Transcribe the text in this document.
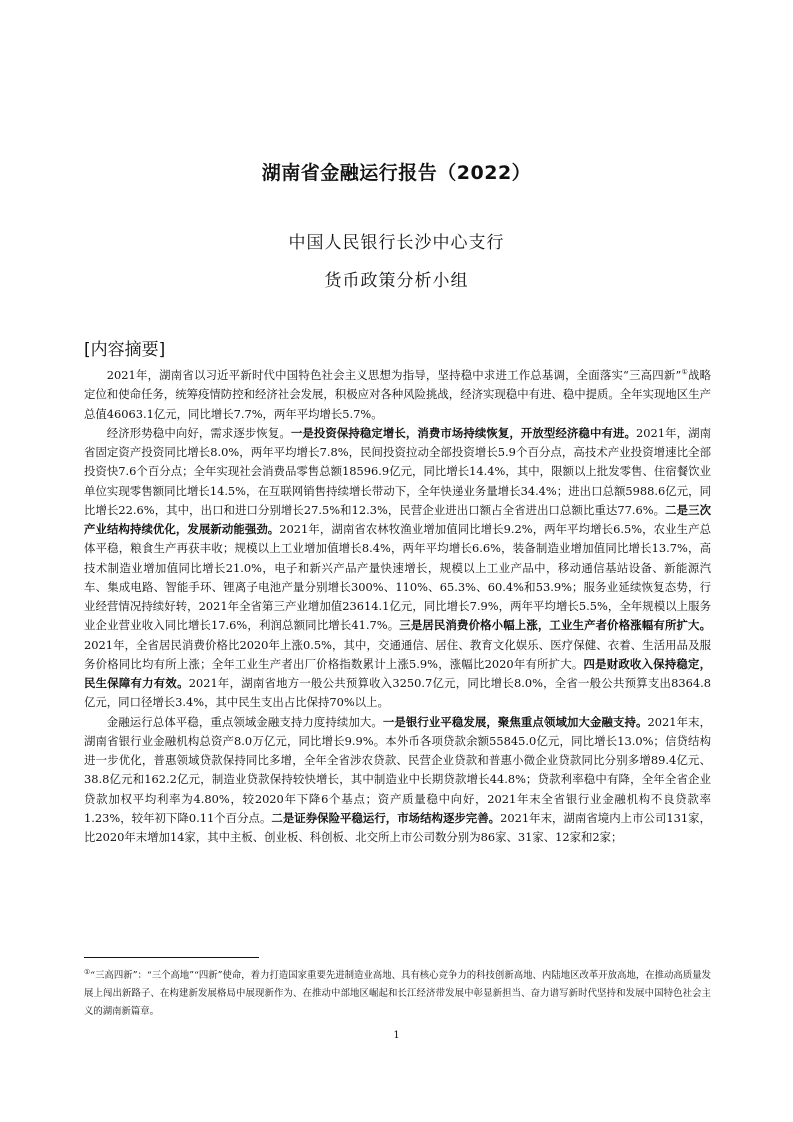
湖南省金融运行报告（2022）
中国人民银行长沙中心支行
货币政策分析小组
[内容摘要]

2021年，湖南省以习近平新时代中国特色社会主义思想为指导，坚持稳中求进工作总基调，全面落实“三高四新”①战略定位和使命任务，统筹疫情防控和经济社会发展，积极应对各种风险挑战，经济实现稳中有进、稳中提质。全年实现地区生产总值46063.1亿元，同比增长7.7%，两年平均增长5.7%。

经济形势稳中向好，需求逐步恢复。一是投资保持稳定增长，消费市场持续恢复，开放型经济稳中有进。2021年，湖南省固定资产投资同比增长8.0%，两年平均增长7.8%，民间投资拉动全部投资增长5.9个百分点，高技术产业投资增速比全部投资快7.6个百分点；全年实现社会消费品零售总额18596.9亿元，同比增长14.4%，其中，限额以上批发零售、住宿餐饮业单位实现零售额同比增长14.5%，在互联网销售持续增长带动下，全年快递业务量增长34.4%；进出口总额5988.6亿元，同比增长22.6%，其中，出口和进口分别增长27.5%和12.3%，民营企业进出口额占全省进出口总额比重达77.6%。二是三次产业结构持续优化，发展新动能强劲。2021年，湖南省农林牧渔业增加值同比增长9.2%，两年平均增长6.5%，农业生产总体平稳，粮食生产再获丰收；规模以上工业增加值增长8.4%，两年平均增长6.6%，装备制造业增加值同比增长13.7%，高技术制造业增加值同比增长21.0%，电子和新兴产品产量快速增长，规模以上工业产品中，移动通信基站设备、新能源汽车、集成电路、智能手环、锂离子电池产量分别增长300%、110%、65.3%、60.4%和53.9%；服务业延续恢复态势，行业经营情况持续好转，2021年全省第三产业增加值23614.1亿元，同比增长7.9%，两年平均增长5.5%，全年规模以上服务业企业营业收入同比增长17.6%，利润总额同比增长41.7%。三是居民消费价格小幅上涨，工业生产者价格涨幅有所扩大。2021年，全省居民消费价格比2020年上涨0.5%，其中，交通通信、居住、教育文化娱乐、医疗保健、衣着、生活用品及服务价格同比均有所上涨；全年工业生产者出厂价格指数累计上涨5.9%，涨幅比2020年有所扩大。四是财政收入保持稳定，民生保障有力有效。2021年，湖南省地方一般公共预算收入3250.7亿元，同比增长8.0%，全省一般公共预算支出8364.8亿元，同口径增长3.4%，其中民生支出占比保持70%以上。

金融运行总体平稳，重点领域金融支持力度持续加大。一是银行业平稳发展，聚焦重点领域加大金融支持。2021年末，湖南省银行业金融机构总资产8.0万亿元，同比增长9.9%。本外币各项贷款余额55845.0亿元，同比增长13.0%；信贷结构进一步优化，普惠领域贷款保持同比多增，全年全省涉农贷款、民营企业贷款和普惠小微企业贷款同比分别多增89.4亿元、38.8亿元和162.2亿元，制造业贷款保持较快增长，其中制造业中长期贷款增长44.8%；贷款利率稳中有降，全年全省企业贷款加权平均利率为4.80%，较2020年下降6个基点；资产质量稳中向好，2021年末全省银行业金融机构不良贷款率1.23%，较年初下降0.11个百分点。二是证券保险平稳运行，市场结构逐步完善。2021年末，湖南省境内上市公司131家，比2020年末增加14家，其中主板、创业板、科创板、北交所上市公司数分别为86家、31家、12家和2家；

①“三高四新”：“三个高地”“四新”使命，着力打造国家重要先进制造业高地、具有核心竞争力的科技创新高地、内陆地区改革开放高地，在推动高质量发展上闯出新路子、在构建新发展格局中展现新作为、在推动中部地区崛起和长江经济带发展中彰显新担当、奋力谱写新时代坚持和发展中国特色社会主义的湖南新篇章。
1
